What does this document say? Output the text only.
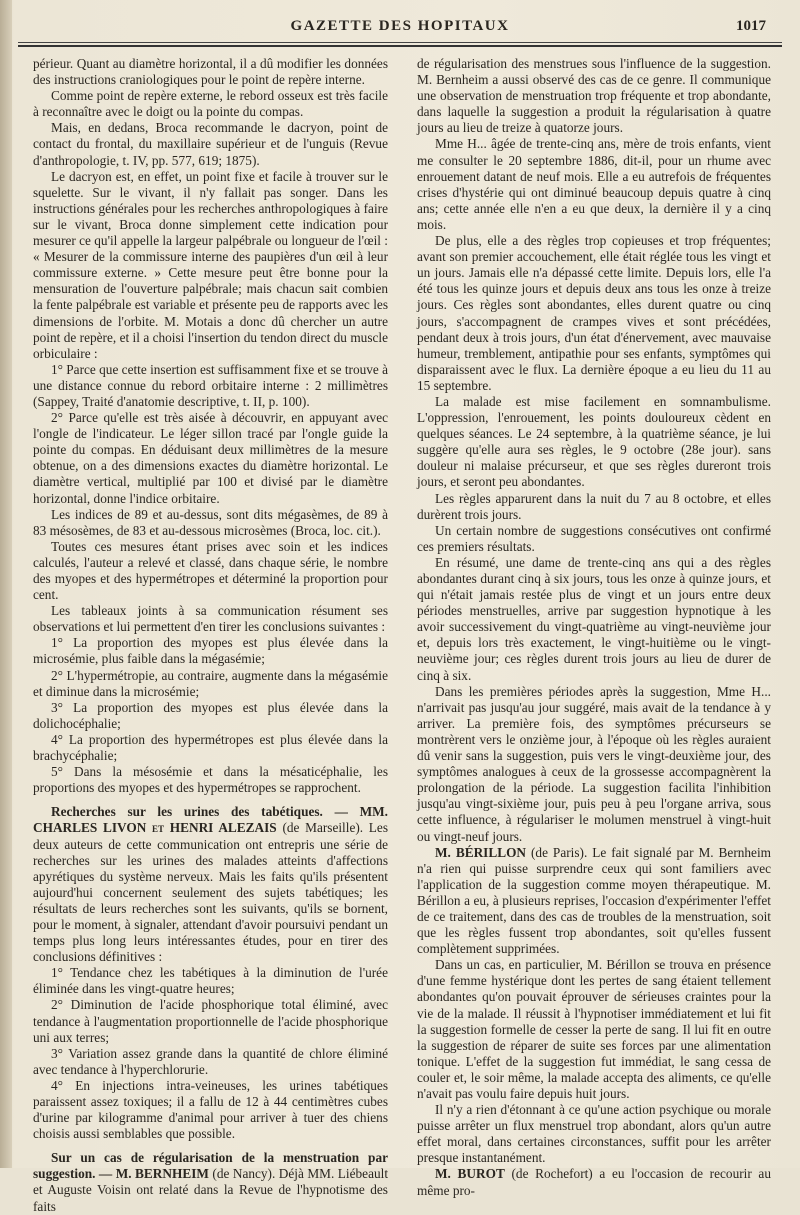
GAZETTE DES HOPITAUX	1017

périeur. Quant au diamètre horizontal, il a dû modifier les données des instructions craniologiques pour le point de repère interne.

Comme point de repère externe, le rebord osseux est très facile à reconnaître avec le doigt ou la pointe du compas.

Mais, en dedans, Broca recommande le dacryon, point de contact du frontal, du maxillaire supérieur et de l'unguis (Revue d'anthropologie, t. IV, pp. 577, 619; 1875).

Le dacryon est, en effet, un point fixe et facile à trouver sur le squelette. Sur le vivant, il n'y fallait pas songer. Dans les instructions générales pour les recherches anthropologiques à faire sur le vivant, Broca donne simplement cette indication pour mesurer ce qu'il appelle la largeur palpébrale ou longueur de l'œil : « Mesurer de la commissure interne des paupières d'un œil à leur commissure externe. » Cette mesure peut être bonne pour la mensuration de l'ouverture palpébrale; mais chacun sait combien la fente palpébrale est variable et présente peu de rapports avec les dimensions de l'orbite. M. Motais a donc dû chercher un autre point de repère, et il a choisi l'insertion du tendon direct du muscle orbiculaire :

1° Parce que cette insertion est suffisamment fixe et se trouve à une distance connue du rebord orbitaire interne : 2 millimètres (Sappey, Traité d'anatomie descriptive, t. II, p. 100).

2° Parce qu'elle est très aisée à découvrir, en appuyant avec l'ongle de l'indicateur. Le léger sillon tracé par l'ongle guide la pointe du compas. En déduisant deux millimètres de la mesure obtenue, on a des dimensions exactes du diamètre horizontal. Le diamètre vertical, multiplié par 100 et divisé par le diamètre horizontal, donne l'indice orbitaire.

Les indices de 89 et au-dessus, sont dits mégasèmes, de 89 à 83 mésosèmes, de 83 et au-dessous microsèmes (Broca, loc. cit.).

Toutes ces mesures étant prises avec soin et les indices calculés, l'auteur a relevé et classé, dans chaque série, le nombre des myopes et des hypermétropes et déterminé la proportion pour cent.

Les tableaux joints à sa communication résument ses observations et lui permettent d'en tirer les conclusions suivantes :

1° La proportion des myopes est plus élevée dans la microsémie, plus faible dans la mégasémie;

2° L'hypermétropie, au contraire, augmente dans la mégasémie et diminue dans la microsémie;

3° La proportion des myopes est plus élevée dans la dolichocéphalie;

4° La proportion des hypermétropes est plus élevée dans la brachycéphalie;

5° Dans la mésosémie et dans la mésaticéphalie, les proportions des myopes et des hypermétropes se rapprochent.

Recherches sur les urines des tabétiques. — MM. CHARLES LIVON et HENRI ALEZAIS (de Marseille). Les deux auteurs de cette communication ont entrepris une série de recherches sur les urines des malades atteints d'affections apyrétiques du système nerveux. Mais les faits qu'ils présentent aujourd'hui concernent seulement des sujets tabétiques; les résultats de leurs recherches sont les suivants, qu'ils se bornent, pour le moment, à signaler, attendant d'avoir poursuivi pendant un temps plus long leurs intéressantes études, pour en tirer des conclusions définitives :

1° Tendance chez les tabétiques à la diminution de l'urée éliminée dans les vingt-quatre heures;

2° Diminution de l'acide phosphorique total éliminé, avec tendance à l'augmentation proportionnelle de l'acide phosphorique uni aux terres;

3° Variation assez grande dans la quantité de chlore éliminé avec tendance à l'hyperchlorurie.

4° En injections intra-veineuses, les urines tabétiques paraissent assez toxiques; il a fallu de 12 à 44 centimètres cubes d'urine par kilogramme d'animal pour arriver à tuer des chiens choisis aussi semblables que possible.

Sur un cas de régularisation de la menstruation par suggestion. — M. BERNHEIM (de Nancy). Déjà MM. Liébeault et Auguste Voisin ont relaté dans la Revue de l'hypnotisme des faits

de régularisation des menstrues sous l'influence de la suggestion. M. Bernheim a aussi observé des cas de ce genre. Il communique une observation de menstruation trop fréquente et trop abondante, dans laquelle la suggestion a produit la régularisation à quatre jours au lieu de treize à quatorze jours.

Mme H... âgée de trente-cinq ans, mère de trois enfants, vient me consulter le 20 septembre 1886, dit-il, pour un rhume avec enrouement datant de neuf mois. Elle a eu autrefois de fréquentes crises d'hystérie qui ont diminué beaucoup depuis quatre à cinq ans; cette année elle n'en a eu que deux, la dernière il y a cinq mois.

De plus, elle a des règles trop copieuses et trop fréquentes; avant son premier accouchement, elle était réglée tous les vingt et un jours. Jamais elle n'a dépassé cette limite. Depuis lors, elle l'a été tous les quinze jours et depuis deux ans tous les onze à treize jours. Ces règles sont abondantes, elles durent quatre ou cinq jours, s'accompagnent de crampes vives et sont précédées, pendant deux à trois jours, d'un état d'énervement, avec mauvaise humeur, tremblement, antipathie pour ses enfants, symptômes qui disparaissent avec le flux. La dernière époque a eu lieu du 11 au 15 septembre.

La malade est mise facilement en somnambulisme. L'oppression, l'enrouement, les points douloureux cèdent en quelques séances. Le 24 septembre, à la quatrième séance, je lui suggère qu'elle aura ses règles, le 9 octobre (28e jour). sans douleur ni malaise précurseur, et que ses règles dureront trois jours, et seront peu abondantes.

Les règles apparurent dans la nuit du 7 au 8 octobre, et elles durèrent trois jours.

Un certain nombre de suggestions consécutives ont confirmé ces premiers résultats.

En résumé, une dame de trente-cinq ans qui a des règles abondantes durant cinq à six jours, tous les onze à quinze jours, et qui n'était jamais restée plus de vingt et un jours entre deux périodes menstruelles, arrive par suggestion hypnotique à les avoir successivement du vingt-quatrième au vingt-neuvième jour et, depuis lors très exactement, le vingt-huitième ou le vingt-neuvième jour; ces règles durent trois jours au lieu de durer de cinq à six.

Dans les premières périodes après la suggestion, Mme H... n'arrivait pas jusqu'au jour suggéré, mais avait de la tendance à y arriver. La première fois, des symptômes précurseurs se montrèrent vers le onzième jour, à l'époque où les règles auraient dû venir sans la suggestion, puis vers le vingt-deuxième jour, des symptômes analogues à ceux de la grossesse accompagnèrent la prolongation de la période. La suggestion facilita l'inhibition jusqu'au vingt-sixième jour, puis peu à peu l'organe arriva, sous cette influence, à régulariser le molumen menstruel à vingt-huit ou vingt-neuf jours.

M. BÉRILLON (de Paris). Le fait signalé par M. Bernheim n'a rien qui puisse surprendre ceux qui sont familiers avec l'application de la suggestion comme moyen thérapeutique. M. Bérillon a eu, à plusieurs reprises, l'occasion d'expérimenter l'effet de ce traitement, dans des cas de troubles de la menstruation, soit que les règles fussent trop abondantes, soit qu'elles fussent complètement supprimées.

Dans un cas, en particulier, M. Bérillon se trouva en présence d'une femme hystérique dont les pertes de sang étaient tellement abondantes qu'on pouvait éprouver de sérieuses craintes pour la vie de la malade. Il réussit à l'hypnotiser immédiatement et lui fit la suggestion formelle de cesser la perte de sang. Il lui fit en outre la suggestion de réparer de suite ses forces par une alimentation tonique. L'effet de la suggestion fut immédiat, le sang cessa de couler et, le soir même, la malade accepta des aliments, ce qu'elle n'avait pas voulu faire depuis huit jours.

Il n'y a rien d'étonnant à ce qu'une action psychique ou morale puisse arrêter un flux menstruel trop abondant, alors qu'un autre effet moral, dans certaines circonstances, suffit pour les arrêter presque instantanément.

M. BUROT (de Rochefort) a eu l'occasion de recourir au même pro-
